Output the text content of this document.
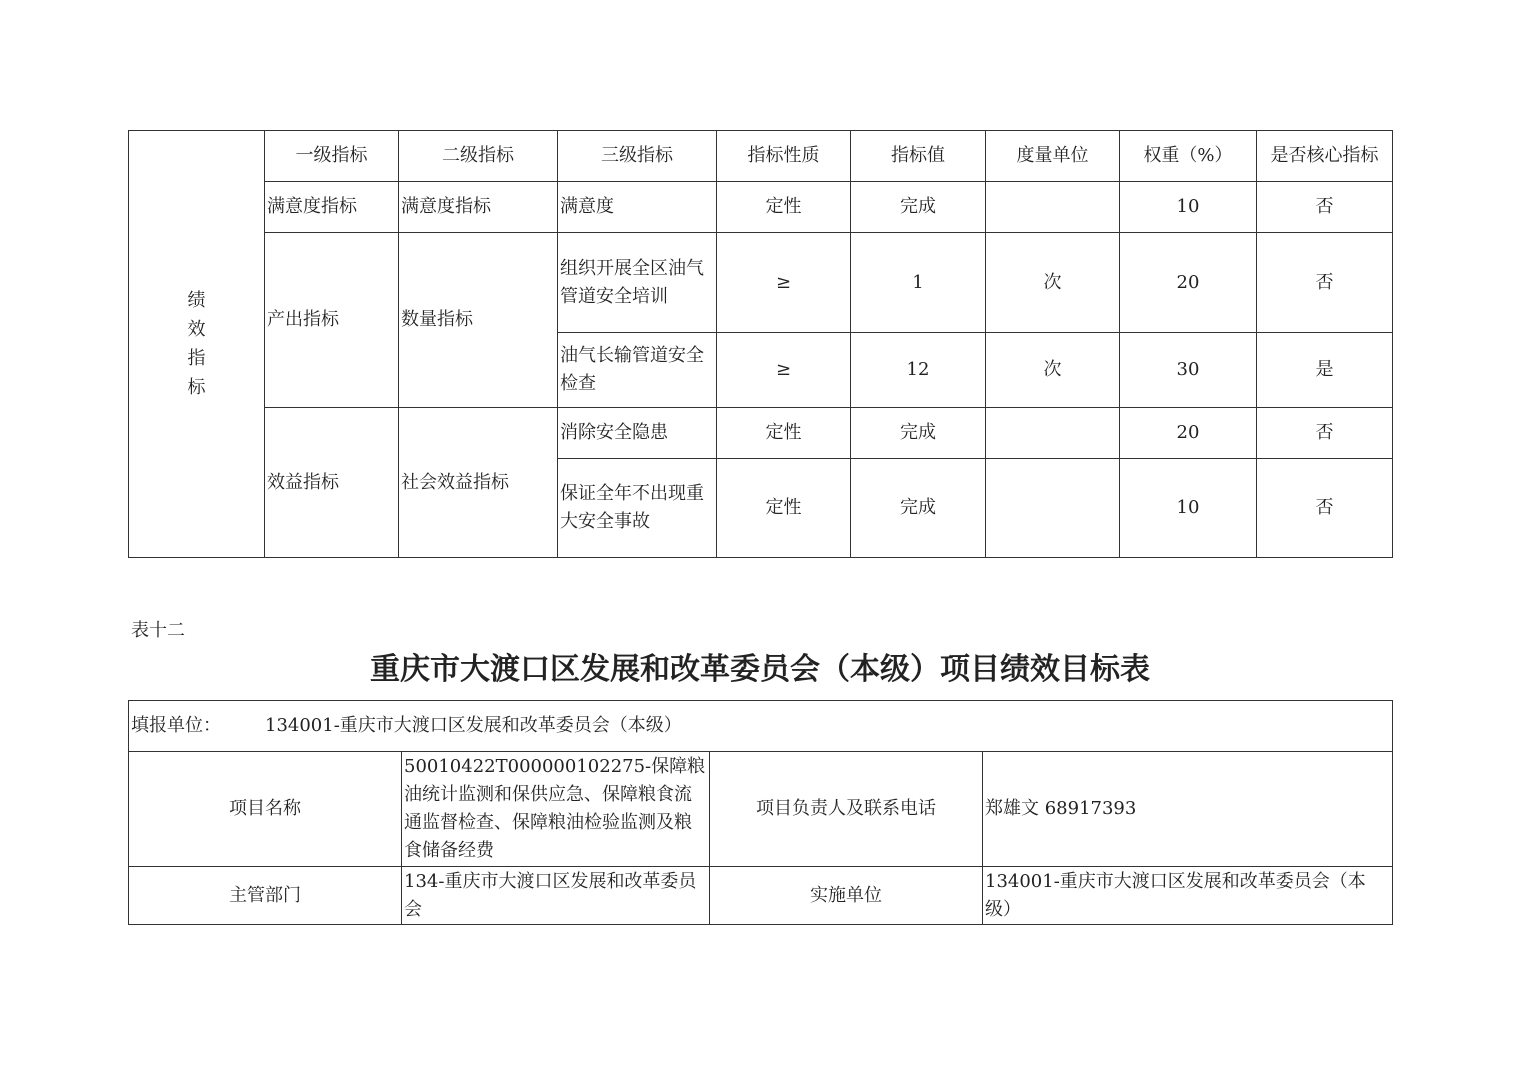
绩效指标	一级指标	二级指标	三级指标	指标性质	指标值	度量单位	权重（%）	是否核心指标
	满意度指标	满意度指标	满意度	定性	完成		10	否
	产出指标	数量指标	组织开展全区油气管道安全培训	≥	1	次	20	否
			油气长输管道安全检查	≥	12	次	30	是
	效益指标	社会效益指标	消除安全隐患	定性	完成		20	否
			保证全年不出现重大安全事故	定性	完成		10	否
表十二
重庆市大渡口区发展和改革委员会（本级）项目绩效目标表
填报单位： 134001-重庆市大渡口区发展和改革委员会（本级）			
项目名称	50010422T000000102275-保障粮油统计监测和保供应急、保障粮食流通监督检查、保障粮油检验监测及粮食储备经费	项目负责人及联系电话	郑雄文 68917393
主管部门	134-重庆市大渡口区发展和改革委员会	实施单位	134001-重庆市大渡口区发展和改革委员会（本级）
